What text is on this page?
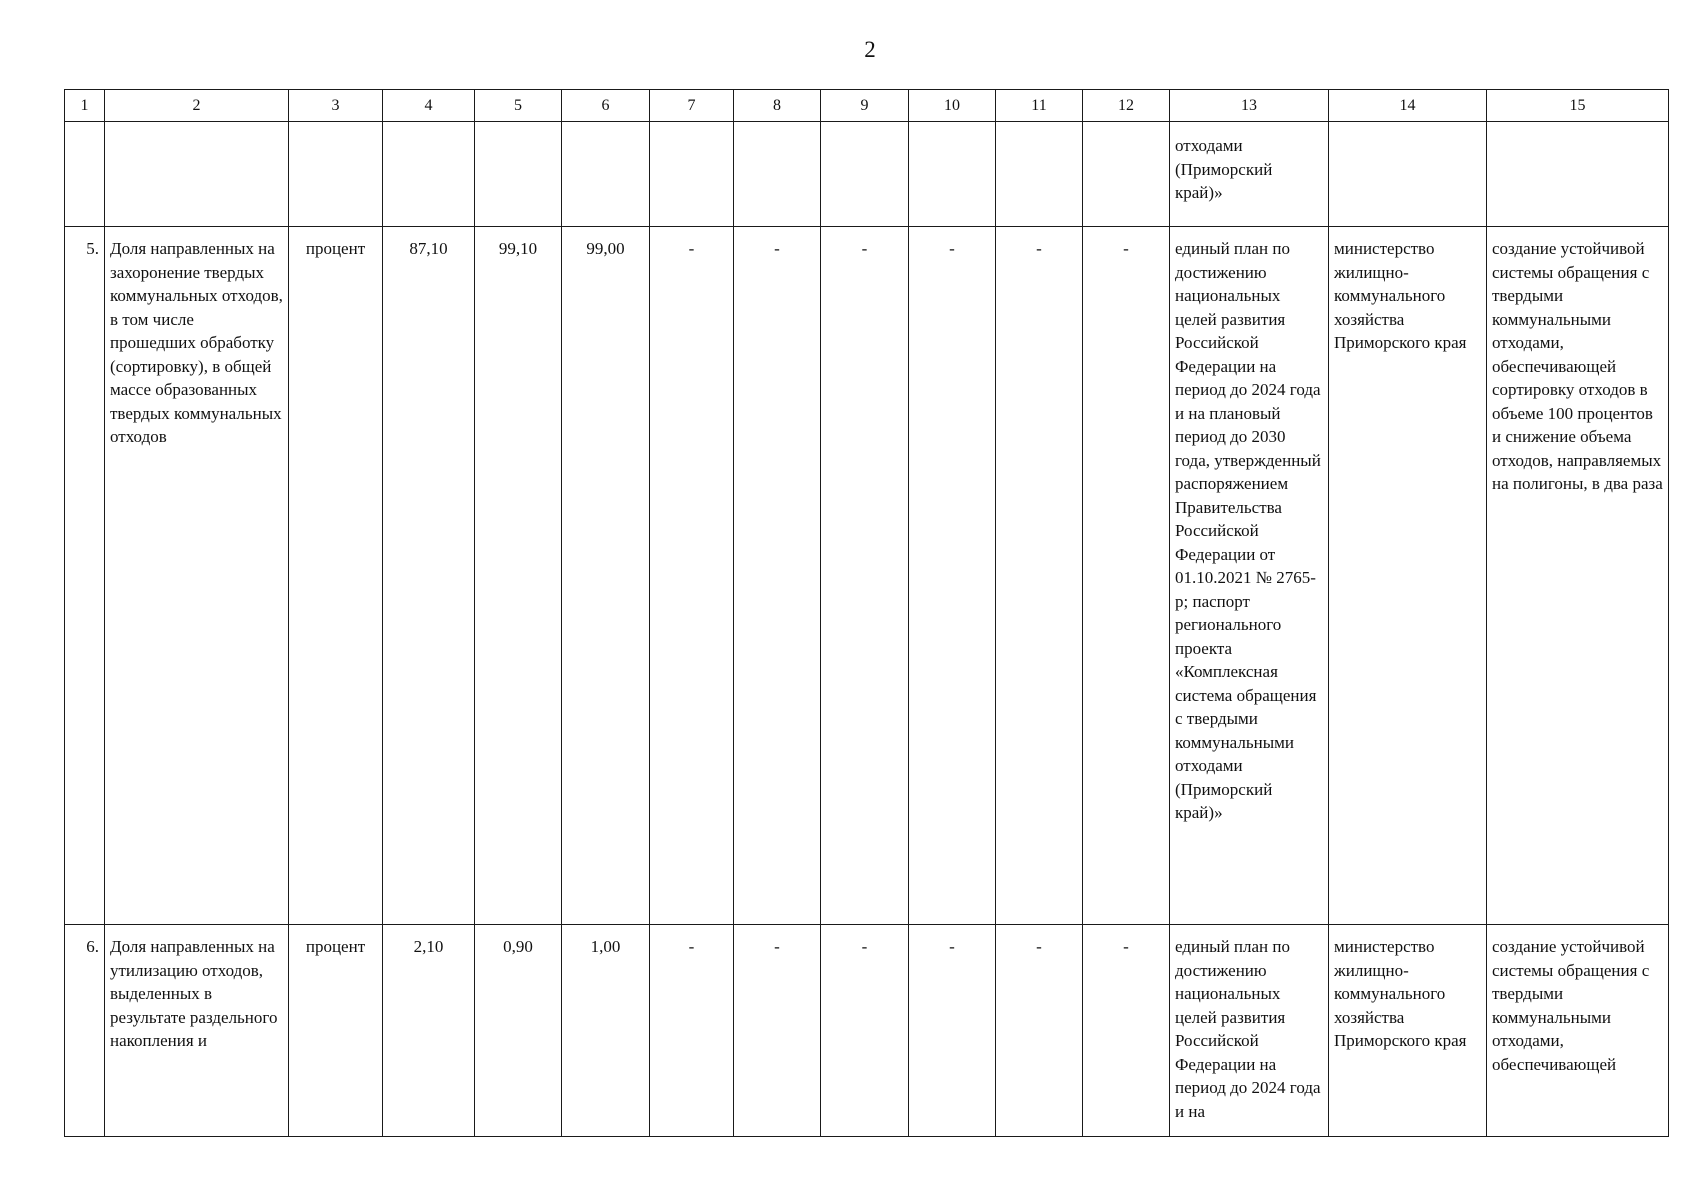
2
1	2	3	4	5	6	7	8	9	10	11	12	13	14	15
												отходами (Приморский край)»		
5.	Доля направленных на захоронение твердых коммунальных отходов, в том числе прошедших обработку (сортировку), в общей массе образованных твердых коммунальных отходов	процент	87,10	99,10	99,00	-	-	-	-	-	-	единый план по достижению национальных целей развития Российской Федерации на период до 2024 года и на плановый период до 2030 года, утвержденный распоряжением Правительства Российской Федерации от 01.10.2021 № 2765-р; паспорт регионального проекта «Комплексная система обращения с твердыми коммунальными отходами (Приморский край)»	министерство жилищно-коммунального хозяйства Приморского края	создание устойчивой системы обращения с твердыми коммунальными отходами, обеспечивающей сортировку отходов в объеме 100 процентов и снижение объема отходов, направляемых на полигоны, в два раза
6.	Доля направленных на утилизацию отходов, выделенных в результате раздельного накопления и	процент	2,10	0,90	1,00	-	-	-	-	-	-	единый план по достижению национальных целей развития Российской Федерации на период до 2024 года и на	министерство жилищно-коммунального хозяйства Приморского края	создание устойчивой системы обращения с твердыми коммунальными отходами, обеспечивающей
